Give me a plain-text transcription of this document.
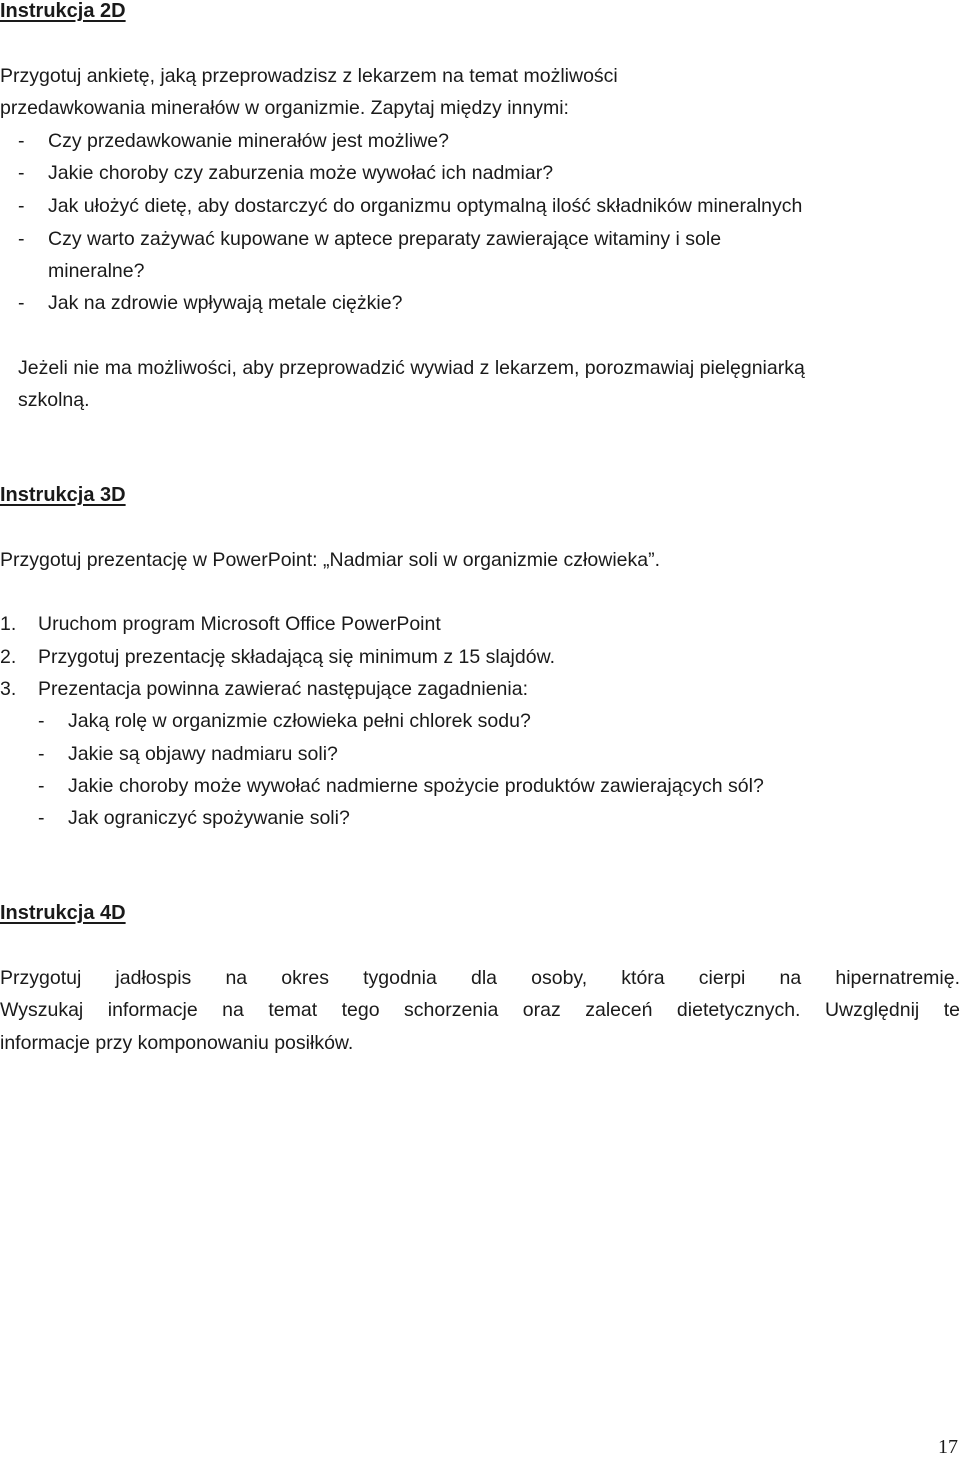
Instrukcja 2D
Przygotuj ankietę, jaką przeprowadzisz z lekarzem na temat możliwości
przedawkowania minerałów w organizmie. Zapytaj między innymi:
- Czy przedawkowanie minerałów jest możliwe?
- Jakie choroby czy zaburzenia może wywołać ich nadmiar?
- Jak ułożyć dietę, aby dostarczyć do organizmu optymalną ilość składników mineralnych
- Czy warto zażywać kupowane w aptece preparaty zawierające witaminy i sole
mineralne?
- Jak na zdrowie wpływają metale ciężkie?
Jeżeli nie ma możliwości, aby przeprowadzić wywiad z lekarzem, porozmawiaj pielęgniarką
szkolną.
Instrukcja 3D
Przygotuj prezentację w PowerPoint: „Nadmiar soli w organizmie człowieka”.
1. Uruchom program Microsoft Office PowerPoint
2. Przygotuj prezentację składającą się minimum z 15 slajdów.
3. Prezentacja powinna zawierać następujące zagadnienia:
- Jaką rolę w organizmie człowieka pełni chlorek sodu?
- Jakie są objawy nadmiaru soli?
- Jakie choroby może wywołać nadmierne spożycie produktów zawierających sól?
- Jak ograniczyć spożywanie soli?
Instrukcja 4D
Przygotuj jadłospis na okres tygodnia dla osoby, która cierpi na hipernatremię.
Wyszukaj informacje na temat tego schorzenia oraz zaleceń dietetycznych. Uwzględnij te
informacje przy komponowaniu posiłków.
17
